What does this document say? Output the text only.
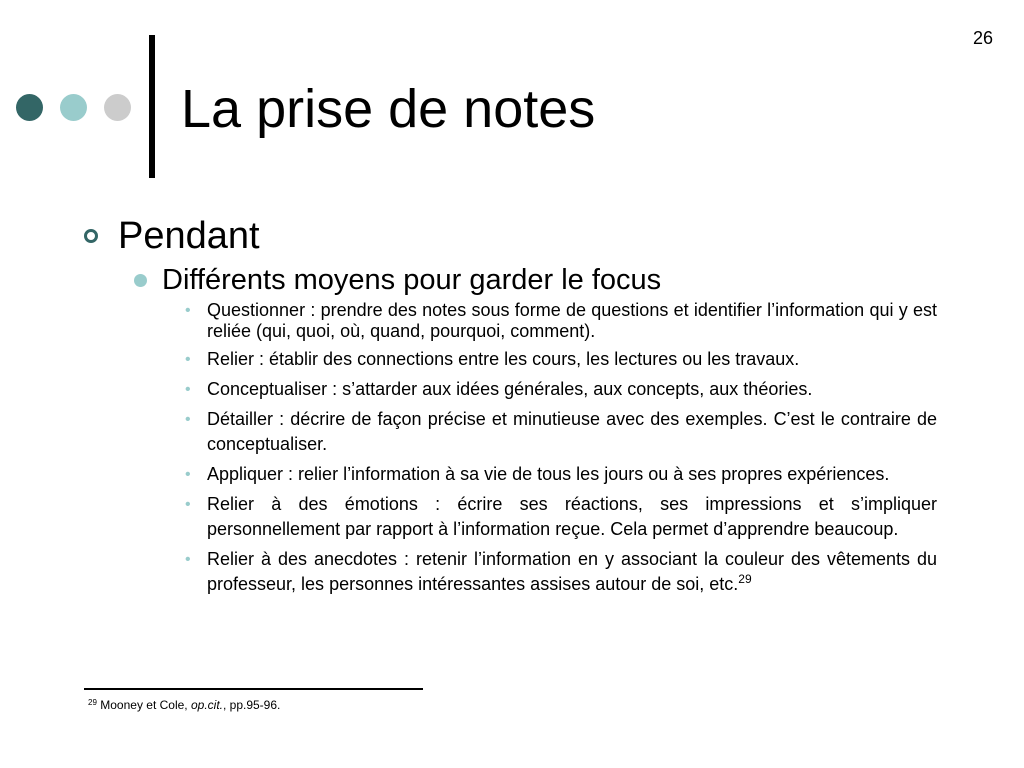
26
La prise de notes
Pendant
Différents moyens pour garder le focus
• Questionner : prendre des notes sous forme de questions et identifier l’information qui y est reliée (qui, quoi, où, quand, pourquoi, comment).
• Relier : établir des connections entre les cours, les lectures ou les travaux.
• Conceptualiser : s’attarder aux idées générales, aux concepts, aux théories.
• Détailler : décrire de façon précise et minutieuse avec des exemples. C’est le contraire de conceptualiser.
• Appliquer : relier l’information à sa vie de tous les jours ou à ses propres expériences.
• Relier à des émotions : écrire ses réactions, ses impressions et s’impliquer personnellement par rapport à l’information reçue. Cela permet d’apprendre beaucoup.
• Relier à des anecdotes : retenir l’information en y associant la couleur des vêtements du professeur, les personnes intéressantes assises autour de soi, etc.$^{29}$
$^{29}$ Mooney et Cole, op.cit., pp.95-96.
